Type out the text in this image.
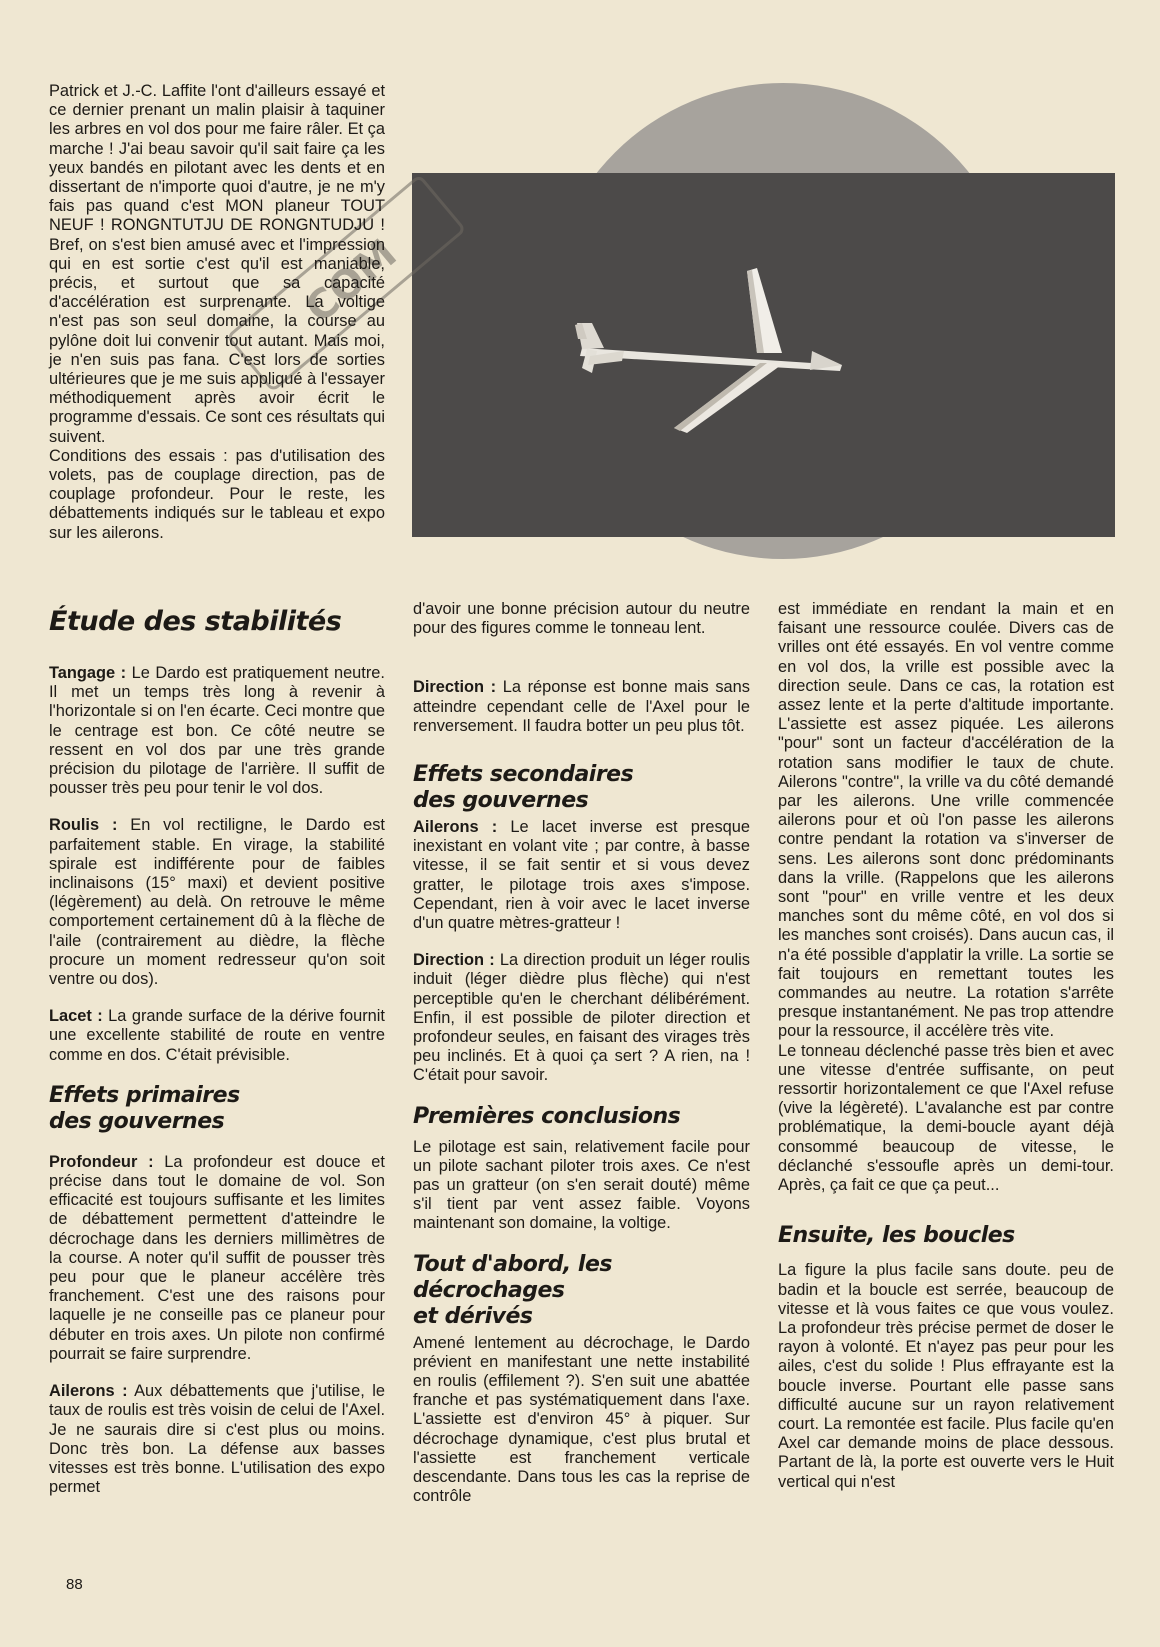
COM

Patrick et J.-C. Laffite l'ont d'ailleurs essayé et ce dernier prenant un malin plaisir à taquiner les arbres en vol dos pour me faire râler. Et ça marche ! J'ai beau savoir qu'il sait faire ça les yeux bandés en pilotant avec les dents et en dissertant de n'importe quoi d'autre, je ne m'y fais pas quand c'est MON planeur TOUT NEUF ! RONGNTUTJU DE RONGNTUDJU ! Bref, on s'est bien amusé avec et l'impression qui en est sortie c'est qu'il est maniable, précis, et surtout que sa capacité d'accélération est surprenante. La voltige n'est pas son seul domaine, la course au pylône doit lui convenir tout autant. Mais moi, je n'en suis pas fana. C'est lors de sorties ultérieures que je me suis appliqué à l'essayer méthodiquement après avoir écrit le programme d'essais. Ce sont ces résultats qui suivent.

Conditions des essais : pas d'utilisation des volets, pas de couplage direction, pas de couplage profondeur. Pour le reste, les débattements indiqués sur le tableau et expo sur les ailerons.

Étude des stabilités

Tangage : Le Dardo est pratiquement neutre. Il met un temps très long à revenir à l'horizontale si on l'en écarte. Ceci montre que le centrage est bon. Ce côté neutre se ressent en vol dos par une très grande précision du pilotage de l'arrière. Il suffit de pousser très peu pour tenir le vol dos.

Roulis : En vol rectiligne, le Dardo est parfaitement stable. En virage, la stabilité spirale est indifférente pour de faibles inclinaisons (15° maxi) et devient positive (légèrement) au delà. On retrouve le même comportement certainement dû à la flèche de l'aile (contrairement au dièdre, la flèche procure un moment redresseur qu'on soit ventre ou dos).

Lacet : La grande surface de la dérive fournit une excellente stabilité de route en ventre comme en dos. C'était prévisible.

Effets primaires
des gouvernes

Profondeur : La profondeur est douce et précise dans tout le domaine de vol. Son efficacité est toujours suffisante et les limites de débattement permettent d'atteindre le décrochage dans les derniers millimètres de la course. A noter qu'il suffit de pousser très peu pour que le planeur accélère très franchement. C'est une des raisons pour laquelle je ne conseille pas ce planeur pour débuter en trois axes. Un pilote non confirmé pourrait se faire surprendre.

Ailerons : Aux débattements que j'utilise, le taux de roulis est très voisin de celui de l'Axel. Je ne saurais dire si c'est plus ou moins. Donc très bon. La défense aux basses vitesses est très bonne. L'utilisation des expo permet

d'avoir une bonne précision autour du neutre pour des figures comme le tonneau lent.

Direction : La réponse est bonne mais sans atteindre cependant celle de l'Axel pour le renversement. Il faudra botter un peu plus tôt.

Effets secondaires
des gouvernes

Ailerons : Le lacet inverse est presque inexistant en volant vite ; par contre, à basse vitesse, il se fait sentir et si vous devez gratter, le pilotage trois axes s'impose. Cependant, rien à voir avec le lacet inverse d'un quatre mètres-gratteur !

Direction : La direction produit un léger roulis induit (léger dièdre plus flèche) qui n'est perceptible qu'en le cherchant délibérément. Enfin, il est possible de piloter direction et profondeur seules, en faisant des virages très peu inclinés. Et à quoi ça sert ? A rien, na ! C'était pour savoir.

Premières conclusions

Le pilotage est sain, relativement facile pour un pilote sachant piloter trois axes. Ce n'est pas un gratteur (on s'en serait douté) même s'il tient par vent assez faible. Voyons maintenant son domaine, la voltige.

Tout d'abord, les décrochages
et dérivés

Amené lentement au décrochage, le Dardo prévient en manifestant une nette instabilité en roulis (effilement ?). S'en suit une abattée franche et pas systématiquement dans l'axe. L'assiette est d'environ 45° à piquer. Sur décrochage dynamique, c'est plus brutal et l'assiette est franchement verticale descendante. Dans tous les cas la reprise de contrôle

est immédiate en rendant la main et en faisant une ressource coulée. Divers cas de vrilles ont été essayés. En vol ventre comme en vol dos, la vrille est possible avec la direction seule. Dans ce cas, la rotation est assez lente et la perte d'altitude importante. L'assiette est assez piquée. Les ailerons "pour" sont un facteur d'accélération de la rotation sans modifier le taux de chute. Ailerons "contre", la vrille va du côté demandé par les ailerons. Une vrille commencée ailerons pour et où l'on passe les ailerons contre pendant la rotation va s'inverser de sens. Les ailerons sont donc prédominants dans la vrille. (Rappelons que les ailerons sont "pour" en vrille ventre et les deux manches sont du même côté, en vol dos si les manches sont croisés). Dans aucun cas, il n'a été possible d'applatir la vrille. La sortie se fait toujours en remettant toutes les commandes au neutre. La rotation s'arrête presque instantanément. Ne pas trop attendre pour la ressource, il accélère très vite.

Le tonneau déclenché passe très bien et avec une vitesse d'entrée suffisante, on peut ressortir horizontalement ce que l'Axel refuse (vive la légèreté). L'avalanche est par contre problématique, la demi-boucle ayant déjà consommé beaucoup de vitesse, le déclanché s'essoufle après un demi-tour. Après, ça fait ce que ça peut...

Ensuite, les boucles

La figure la plus facile sans doute. peu de badin et la boucle est serrée, beaucoup de vitesse et là vous faites ce que vous voulez. La profondeur très précise permet de doser le rayon à volonté. Et n'ayez pas peur pour les ailes, c'est du solide ! Plus effrayante est la boucle inverse. Pourtant elle passe sans difficulté aucune sur un rayon relativement court. La remontée est facile. Plus facile qu'en Axel car demande moins de place dessous. Partant de là, la porte est ouverte vers le Huit vertical qui n'est

88
